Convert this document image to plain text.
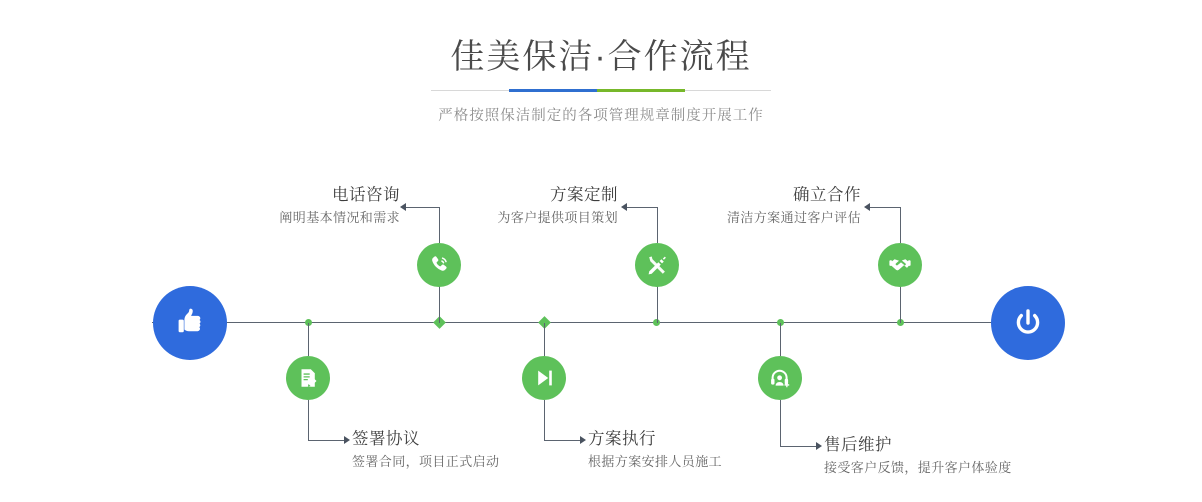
佳美保洁·合作流程

严格按照保洁制定的各项管理规章制度开展工作

电话咨询
阐明基本情况和需求
签署协议
签署合同，项目正式启动
方案定制
为客户提供项目策划
方案执行
根据方案安排人员施工
售后维护
接受客户反馈，提升客户体验度
确立合作
清洁方案通过客户评估
